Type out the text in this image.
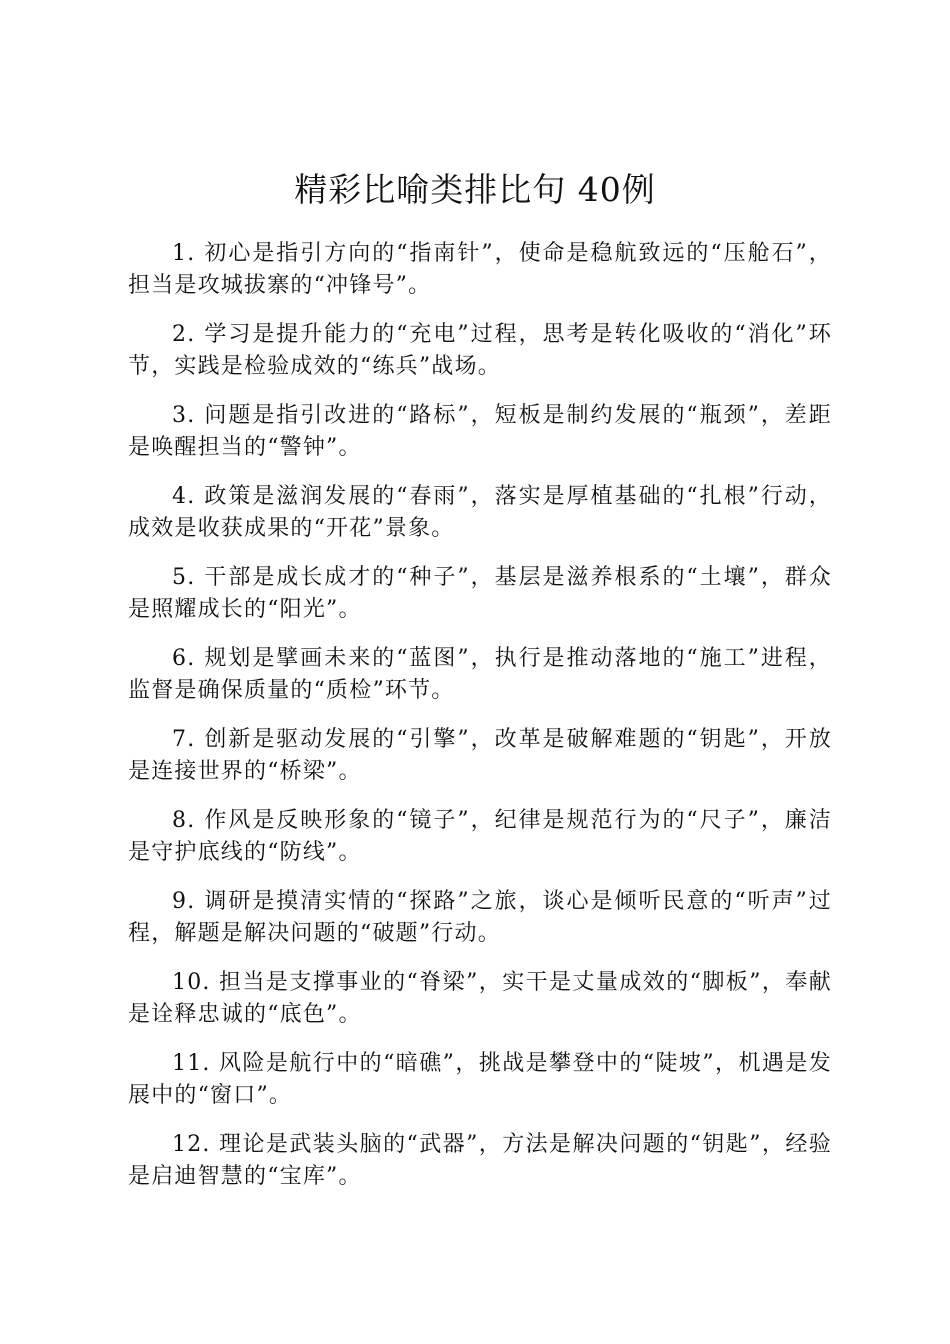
精彩比喻类排比句 40例
1. 初心是指引方向的“指南针”，使命是稳航致远的“压舱石”，担当是攻城拔寨的“冲锋号”。
2. 学习是提升能力的“充电”过程，思考是转化吸收的“消化”环节，实践是检验成效的“练兵”战场。
3. 问题是指引改进的“路标”，短板是制约发展的“瓶颈”，差距是唤醒担当的“警钟”。
4. 政策是滋润发展的“春雨”，落实是厚植基础的“扎根”行动，成效是收获成果的“开花”景象。
5. 干部是成长成才的“种子”，基层是滋养根系的“土壤”，群众是照耀成长的“阳光”。
6. 规划是擘画未来的“蓝图”，执行是推动落地的“施工”进程，监督是确保质量的“质检”环节。
7. 创新是驱动发展的“引擎”，改革是破解难题的“钥匙”，开放是连接世界的“桥梁”。
8. 作风是反映形象的“镜子”，纪律是规范行为的“尺子”，廉洁是守护底线的“防线”。
9. 调研是摸清实情的“探路”之旅，谈心是倾听民意的“听声”过程，解题是解决问题的“破题”行动。
10. 担当是支撑事业的“脊梁”，实干是丈量成效的“脚板”，奉献是诠释忠诚的“底色”。
11. 风险是航行中的“暗礁”，挑战是攀登中的“陡坡”，机遇是发展中的“窗口”。
12. 理论是武装头脑的“武器”，方法是解决问题的“钥匙”，经验是启迪智慧的“宝库”。
